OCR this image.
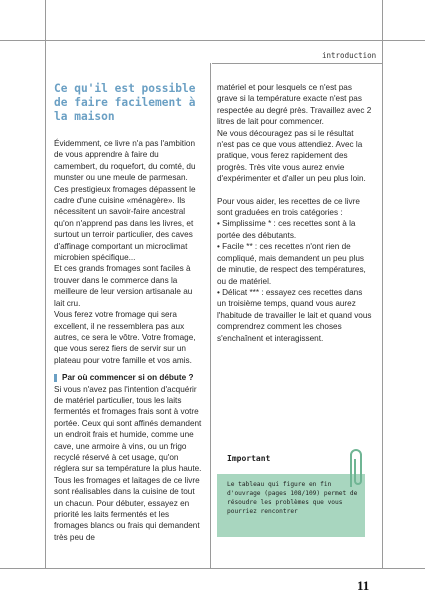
introduction
Ce qu'il est possible de faire facilement à la maison

Évidemment, ce livre n'a pas l'ambition de vous apprendre à faire du camembert, du roquefort, du comté, du munster ou une meule de parmesan. Ces prestigieux fromages dépassent le cadre d'une cuisine «ménagère». Ils nécessitent un savoir-faire ancestral qu'on n'apprend pas dans les livres, et surtout un terroir particulier, des caves d'affinage comportant un microclimat microbien spécifique...

Et ces grands fromages sont faciles à trouver dans le commerce dans la meilleure de leur version artisanale au lait cru.

Vous ferez votre fromage qui sera excellent, il ne ressemblera pas aux autres, ce sera le vôtre. Votre fromage, que vous serez fiers de servir sur un plateau pour votre famille et vos amis.

Par où commencer si on débute ?

Si vous n'avez pas l'intention d'acquérir de matériel particulier, tous les laits fermentés et fromages frais sont à votre portée. Ceux qui sont affinés demandent un endroit frais et humide, comme une cave, une armoire à vins, ou un frigo recyclé réservé à cet usage, qu'on réglera sur sa température la plus haute.

Tous les fromages et laitages de ce livre sont réalisables dans la cuisine de tout un chacun. Pour débuter, essayez en priorité les laits fermentés et les fromages blancs ou frais qui demandent très peu de

matériel et pour lesquels ce n'est pas grave si la température exacte n'est pas respectée au degré près. Travaillez avec 2 litres de lait pour commencer.

Ne vous découragez pas si le résultat n'est pas ce que vous attendiez. Avec la pratique, vous ferez rapidement des progrès. Très vite vous aurez envie d'expérimenter et d'aller un peu plus loin.

Pour vous aider, les recettes de ce livre sont graduées en trois catégories :

• Simplissime * : ces recettes sont à la portée des débutants.

• Facile ** : ces recettes n'ont rien de compliqué, mais demandent un peu plus de minutie, de respect des températures, ou de matériel.

• Délicat *** : essayez ces recettes dans un troisième temps, quand vous aurez l'habitude de travailler le lait et quand vous comprendrez comment les choses s'enchaînent et interagissent.

Important
Le tableau qui figure en fin d'ouvrage (pages 108/109) permet de résoudre les problèmes que vous pourriez rencontrer
11
